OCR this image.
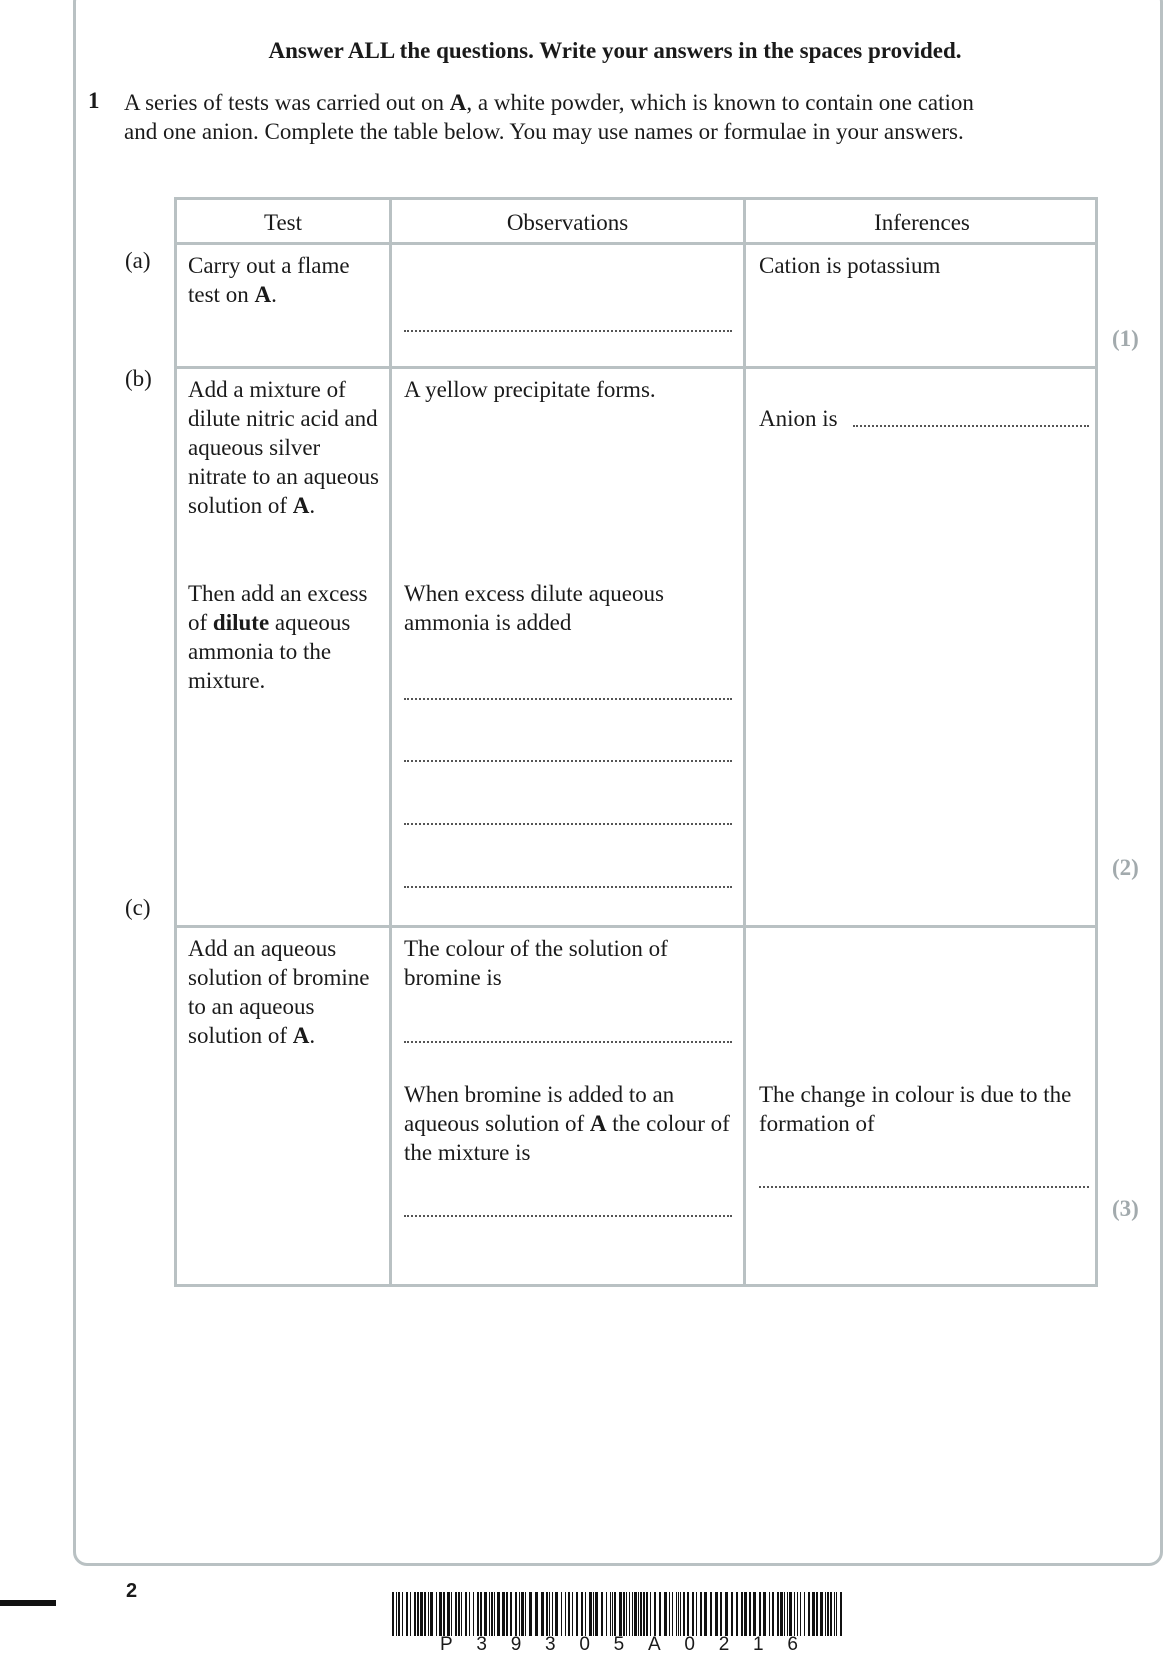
Answer ALL the questions. Write your answers in the spaces provided.
1 A series of tests was carried out on A, a white powder, which is known to contain one cation and one anion. Complete the table below. You may use names or formulae in your answers.
(a)
(b)
(c)
(1)
(2)
(3)
Test	Observations	Inferences
Carry out a flame test on A.
Cation is potassium
Add a mixture of dilute nitric acid and aqueous silver nitrate to an aqueous solution of A.
Then add an excess of dilute aqueous ammonia to the mixture.
A yellow precipitate forms.
When excess dilute aqueous ammonia is added
Anion is
Add an aqueous solution of bromine to an aqueous solution of A.
The colour of the solution of bromine is
When bromine is added to an aqueous solution of A the colour of the mixture is
The change in colour is due to the formation of
2
P 3 9 3 0 5 A 0 2 1 6
